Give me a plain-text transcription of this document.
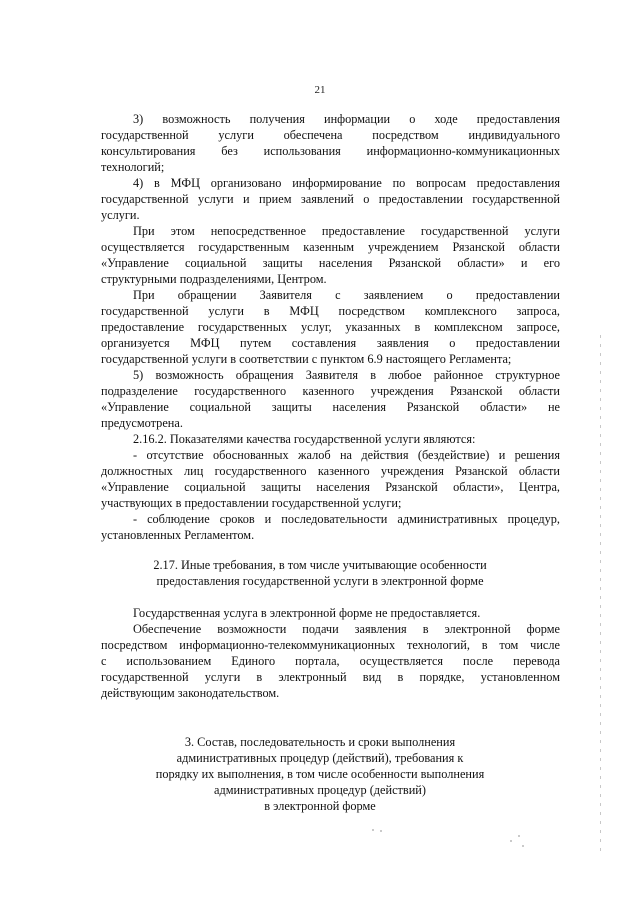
21
3) возможность получения информации о ходе предоставления
государственной услуги обеспечена посредством индивидуального
консультирования без использования информационно-коммуникационных
технологий;
4) в МФЦ организовано информирование по вопросам предоставления
государственной услуги и прием заявлений о предоставлении государственной
услуги.
При этом непосредственное предоставление государственной услуги
осуществляется государственным казенным учреждением Рязанской области
«Управление социальной защиты населения Рязанской области» и его
структурными подразделениями, Центром.
При обращении Заявителя с заявлением о предоставлении
государственной услуги в МФЦ посредством комплексного запроса,
предоставление государственных услуг, указанных в комплексном запросе,
организуется МФЦ путем составления заявления о предоставлении
государственной услуги в соответствии с пунктом 6.9 настоящего Регламента;
5) возможность обращения Заявителя в любое районное структурное
подразделение государственного казенного учреждения Рязанской области
«Управление социальной защиты населения Рязанской области» не
предусмотрена.
2.16.2. Показателями качества государственной услуги являются:
- отсутствие обоснованных жалоб на действия (бездействие) и решения
должностных лиц государственного казенного учреждения Рязанской области
«Управление социальной защиты населения Рязанской области», Центра,
участвующих в предоставлении государственной услуги;
- соблюдение сроков и последовательности административных процедур,
установленных Регламентом.
2.17. Иные требования, в том числе учитывающие особенности
предоставления государственной услуги в электронной форме
Государственная услуга в электронной форме не предоставляется.
Обеспечение возможности подачи заявления в электронной форме
посредством информационно-телекоммуникационных технологий, в том числе
с использованием Единого портала, осуществляется после перевода
государственной услуги в электронный вид в порядке, установленном
действующим законодательством.
3. Состав, последовательность и сроки выполнения
административных процедур (действий), требования к
порядку их выполнения, в том числе особенности выполнения
административных процедур (действий)
в электронной форме
